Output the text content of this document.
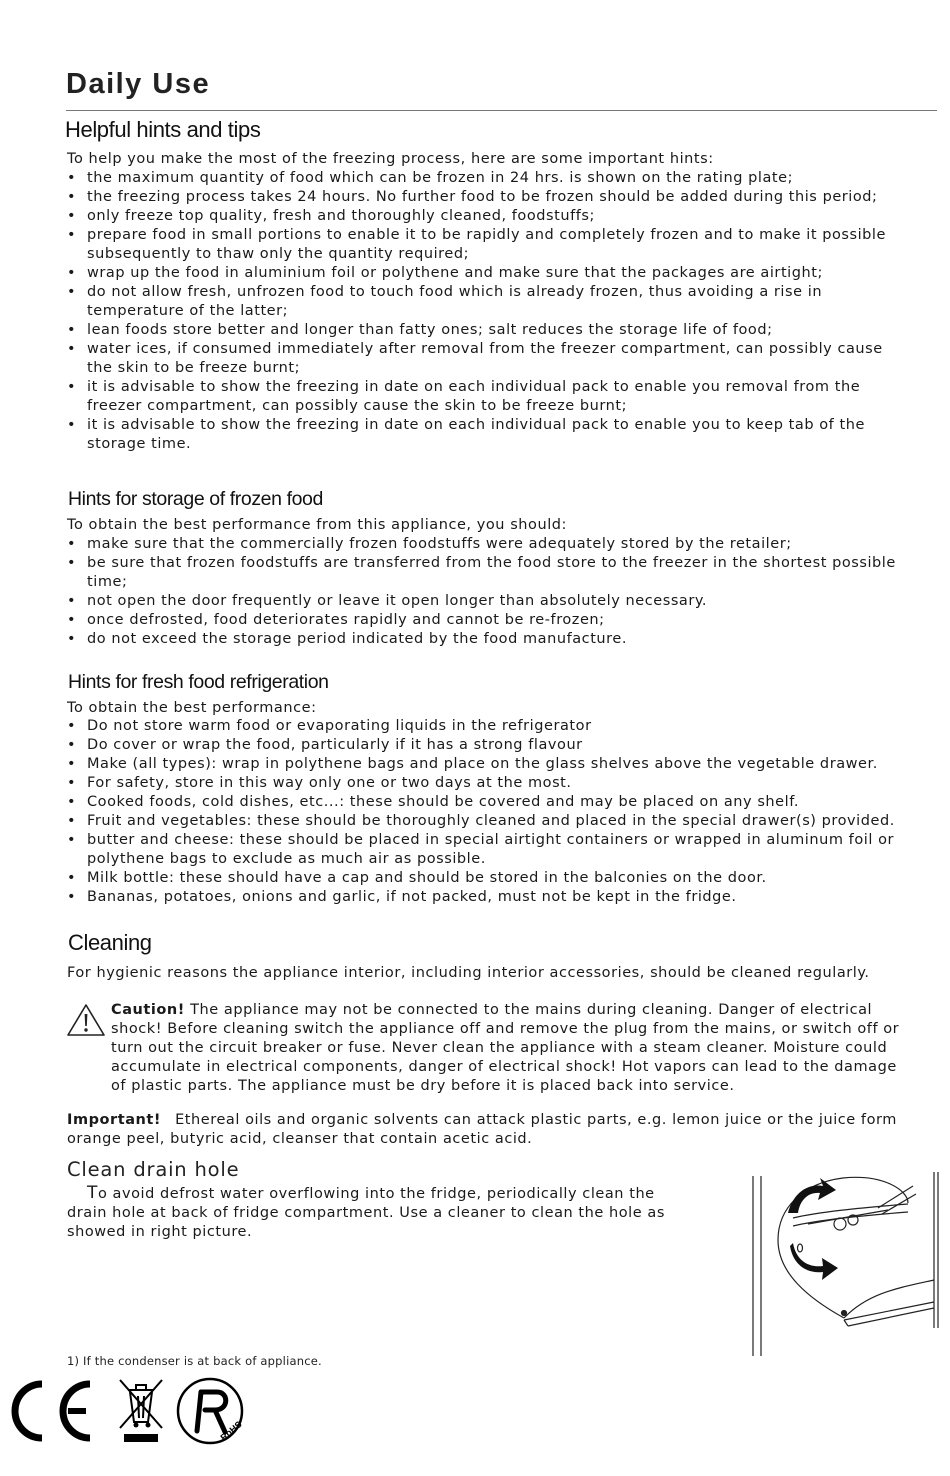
Daily Use
Helpful hints and tips
To help you make the most of the freezing process, here are some important hints:
• the maximum quantity of food which can be frozen in 24 hrs. is shown on the rating plate;
• the freezing process takes 24 hours. No further food to be frozen should be added during this period;
• only freeze top quality, fresh and thoroughly cleaned, foodstuffs;
• prepare food in small portions to enable it to be rapidly and completely frozen and to make it possible
subsequently to thaw only the quantity required;
• wrap up the food in aluminium foil or polythene and make sure that the packages are airtight;
• do not allow fresh, unfrozen food to touch food which is already frozen, thus avoiding a rise in
temperature of the latter;
• lean foods store better and longer than fatty ones; salt reduces the storage life of food;
• water ices, if consumed immediately after removal from the freezer compartment, can possibly cause
the skin to be freeze burnt;
• it is advisable to show the freezing in date on each individual pack to enable you removal from the
freezer compartment, can possibly cause the skin to be freeze burnt;
• it is advisable to show the freezing in date on each individual pack to enable you to keep tab of the
storage time.
Hints for storage of frozen food
To obtain the best performance from this appliance, you should:
• make sure that the commercially frozen foodstuffs were adequately stored by the retailer;
• be sure that frozen foodstuffs are transferred from the food store to the freezer in the shortest possible
time;
• not open the door frequently or leave it open longer than absolutely necessary.
• once defrosted, food deteriorates rapidly and cannot be re-frozen;
• do not exceed the storage period indicated by the food manufacture.
Hints for fresh food refrigeration
To obtain the best performance:
• Do not store warm food or evaporating liquids in the refrigerator
• Do cover or wrap the food, particularly if it has a strong flavour
• Make (all types): wrap in polythene bags and place on the glass shelves above the vegetable drawer.
• For safety, store in this way only one or two days at the most.
• Cooked foods, cold dishes, etc...: these should be covered and may be placed on any shelf.
• Fruit and vegetables: these should be thoroughly cleaned and placed in the special drawer(s) provided.
• butter and cheese: these should be placed in special airtight containers or wrapped in aluminum foil or
polythene bags to exclude as much air as possible.
• Milk bottle: these should have a cap and should be stored in the balconies on the door.
• Bananas, potatoes, onions and garlic, if not packed, must not be kept in the fridge.
Cleaning
For hygienic reasons the appliance interior, including interior accessories, should be cleaned regularly.
Caution! The appliance may not be connected to the mains during cleaning. Danger of electrical
shock! Before cleaning switch the appliance off and remove the plug from the mains, or switch off or
turn out the circuit breaker or fuse. Never clean the appliance with a steam cleaner. Moisture could
accumulate in electrical components, danger of electrical shock! Hot vapors can lead to the damage
of plastic parts. The appliance must be dry before it is placed back into service.
Important! Ethereal oils and organic solvents can attack plastic parts, e.g. lemon juice or the juice form
orange peel, butyric acid, cleanser that contain acetic acid.
Clean drain hole
To avoid defrost water overflowing into the fridge, periodically clean the
drain hole at back of fridge compartment. Use a cleaner to clean the hole as
showed in right picture.
1) If the condenser is at back of appliance.
RoHS
